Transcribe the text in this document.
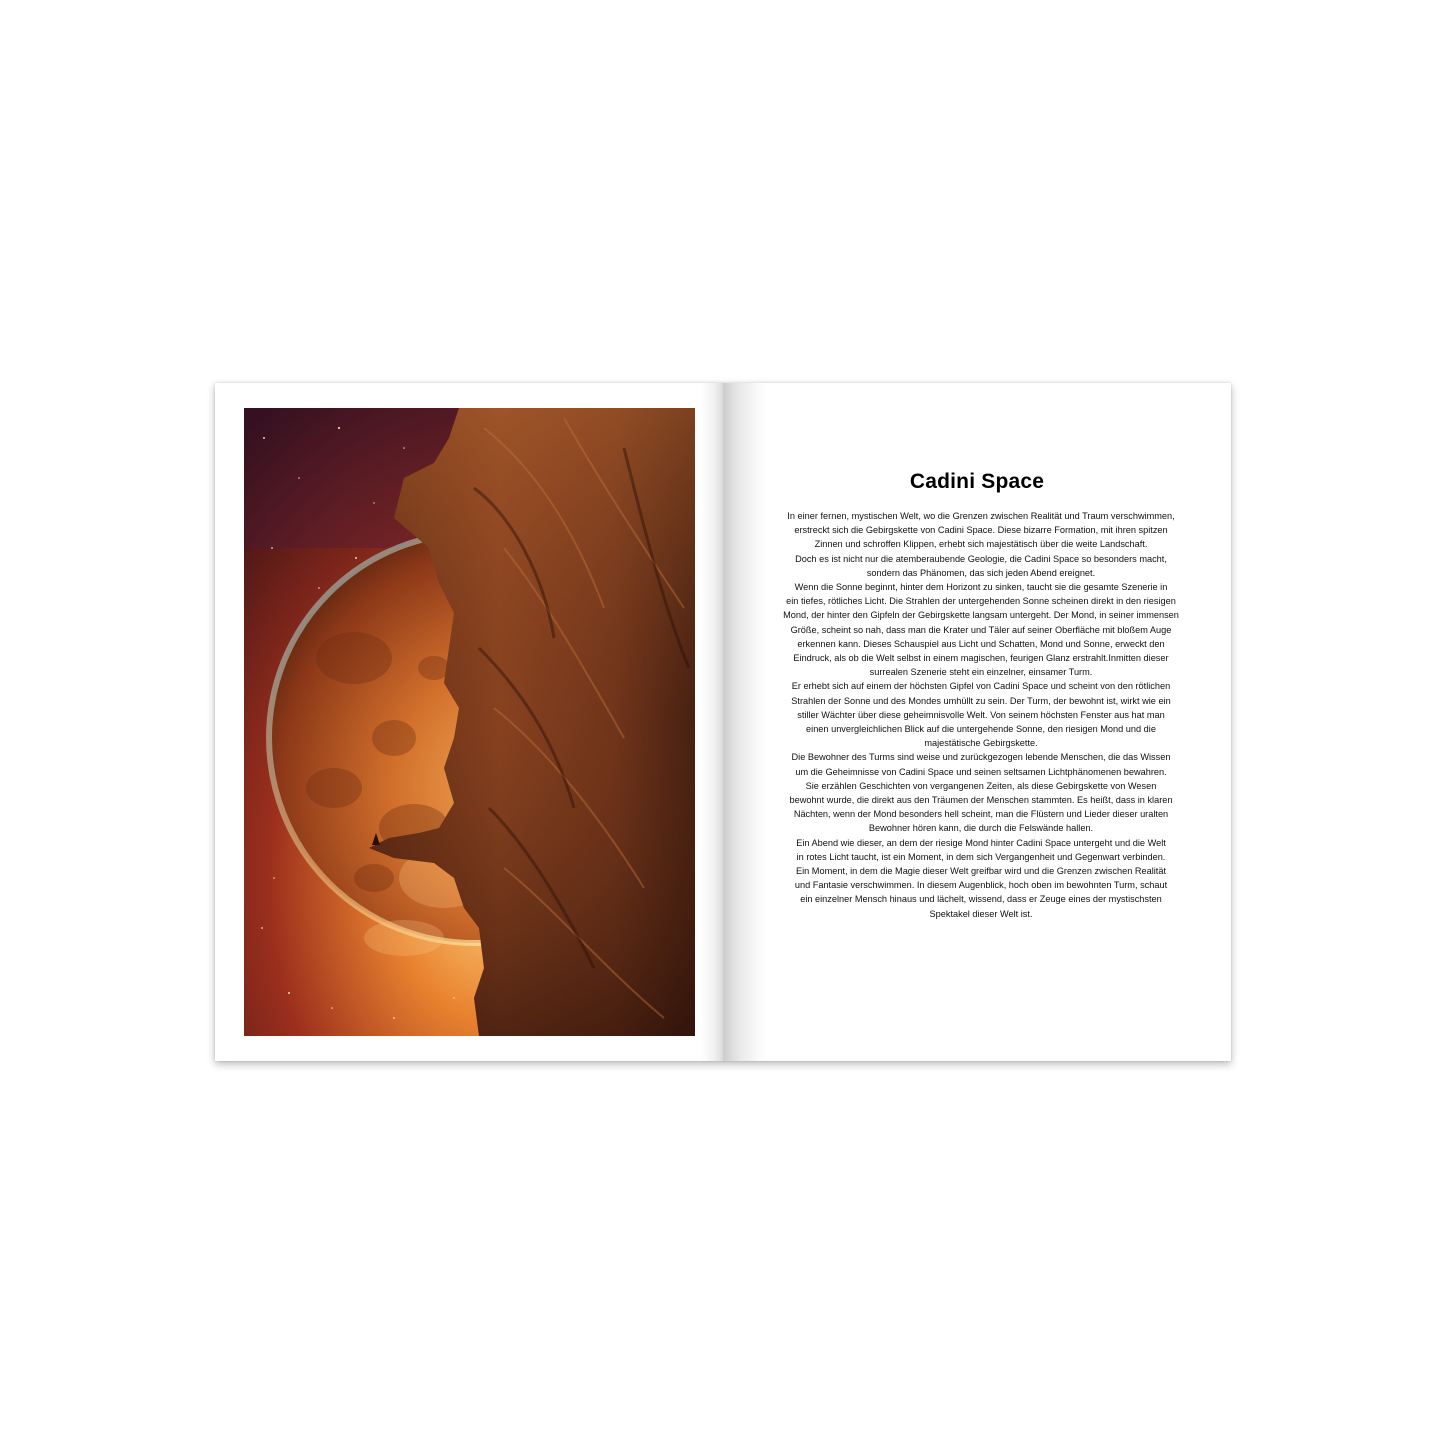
Cadini Space
In einer fernen, mystischen Welt, wo die Grenzen zwischen Realität und Traum verschwimmen,
erstreckt sich die Gebirgskette von Cadini Space. Diese bizarre Formation, mit ihren spitzen
Zinnen und schroffen Klippen, erhebt sich majestätisch über die weite Landschaft.
Doch es ist nicht nur die atemberaubende Geologie, die Cadini Space so besonders macht,
sondern das Phänomen, das sich jeden Abend ereignet.
Wenn die Sonne beginnt, hinter dem Horizont zu sinken, taucht sie die gesamte Szenerie in
ein tiefes, rötliches Licht. Die Strahlen der untergehenden Sonne scheinen direkt in den riesigen
Mond, der hinter den Gipfeln der Gebirgskette langsam untergeht. Der Mond, in seiner immensen
Größe, scheint so nah, dass man die Krater und Täler auf seiner Oberfläche mit bloßem Auge
erkennen kann. Dieses Schauspiel aus Licht und Schatten, Mond und Sonne, erweckt den
Eindruck, als ob die Welt selbst in einem magischen, feurigen Glanz erstrahlt.Inmitten dieser
surrealen Szenerie steht ein einzelner, einsamer Turm.
Er erhebt sich auf einem der höchsten Gipfel von Cadini Space und scheint von den rötlichen
Strahlen der Sonne und des Mondes umhüllt zu sein. Der Turm, der bewohnt ist, wirkt wie ein
stiller Wächter über diese geheimnisvolle Welt. Von seinem höchsten Fenster aus hat man
einen unvergleichlichen Blick auf die untergehende Sonne, den riesigen Mond und die
majestätische Gebirgskette.
Die Bewohner des Turms sind weise und zurückgezogen lebende Menschen, die das Wissen
um die Geheimnisse von Cadini Space und seinen seltsamen Lichtphänomenen bewahren.
Sie erzählen Geschichten von vergangenen Zeiten, als diese Gebirgskette von Wesen
bewohnt wurde, die direkt aus den Träumen der Menschen stammten. Es heißt, dass in klaren
Nächten, wenn der Mond besonders hell scheint, man die Flüstern und Lieder dieser uralten
Bewohner hören kann, die durch die Felswände hallen.
Ein Abend wie dieser, an dem der riesige Mond hinter Cadini Space untergeht und die Welt
in rotes Licht taucht, ist ein Moment, in dem sich Vergangenheit und Gegenwart verbinden.
Ein Moment, in dem die Magie dieser Welt greifbar wird und die Grenzen zwischen Realität
und Fantasie verschwimmen. In diesem Augenblick, hoch oben im bewohnten Turm, schaut
ein einzelner Mensch hinaus und lächelt, wissend, dass er Zeuge eines der mystischsten
Spektakel dieser Welt ist.
